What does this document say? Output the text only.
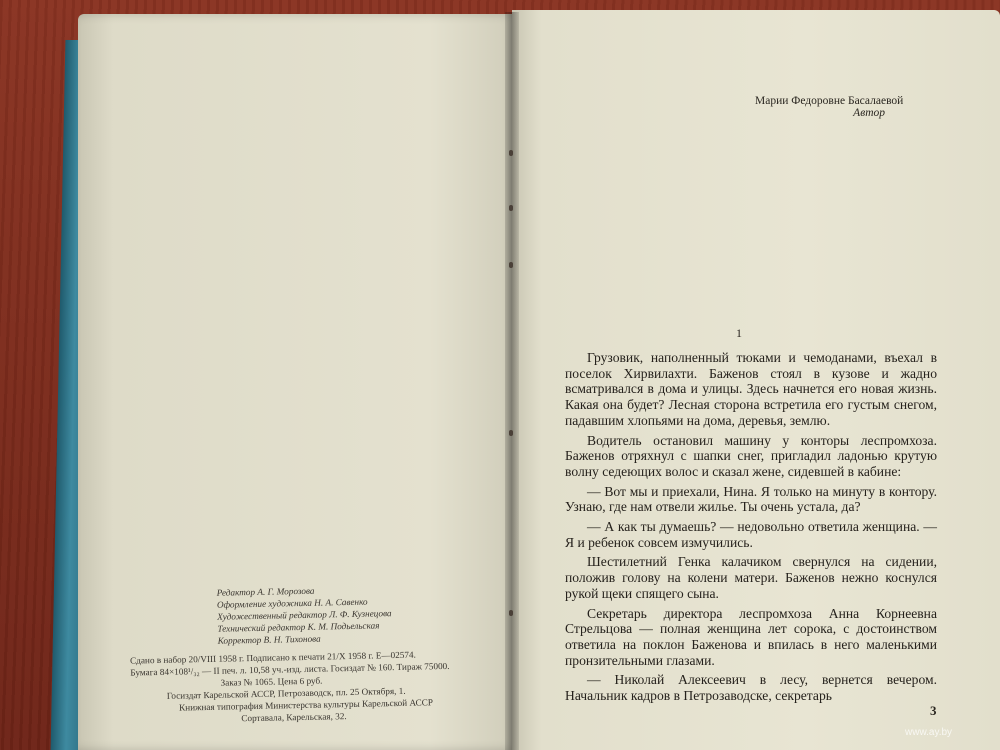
Редактор А. Г. Морозова
Оформление художника Н. А. Савенко
Художественный редактор Л. Ф. Кузнецова
Технический редактор К. М. Подьельская
Корректор В. Н. Тихонова
Сдано в набор 20/VIII 1958 г. Подписано к печати 21/X 1958 г. Е—02574.
Бумага 84×108¹/₃₂ — II печ. л. 10,58 уч.-изд. листа. Госиздат № 160. Тираж 75000.
Заказ № 1065. Цена 6 руб.
Госиздат Карельской АССР, Петрозаводск, пл. 25 Октября, 1.
Книжная типография Министерства культуры Карельской АССР
Сортавала, Карельская, 32.
Марии Федоровне Басалаевой
Автор
1

Грузовик, наполненный тюками и чемоданами, въехал в поселок Хирвилахти. Баженов стоял в кузове и жадно всматривался в дома и улицы. Здесь начнется его новая жизнь. Какая она будет? Лесная сторона встретила его густым снегом, падавшим хлопьями на дома, деревья, землю.

Водитель остановил машину у конторы леспромхоза. Баженов отряхнул с шапки снег, пригладил ладонью крутую волну седеющих волос и сказал жене, сидевшей в кабине:

— Вот мы и приехали, Нина. Я только на минуту в контору. Узнаю, где нам отвели жилье. Ты очень устала, да?

— А как ты думаешь? — недовольно ответила женщина. — Я и ребенок совсем измучились.

Шестилетний Генка калачиком свернулся на сидении, положив голову на колени матери. Баженов нежно коснулся рукой щеки спящего сына.

Секретарь директора леспромхоза Анна Корнеевна Стрельцова — полная женщина лет сорока, с достоинством ответила на поклон Баженова и впилась в него маленькими пронзительными глазами.

— Николай Алексеевич в лесу, вернется вечером. Начальник кадров в Петрозаводске, секретарь

3
www.ay.by
